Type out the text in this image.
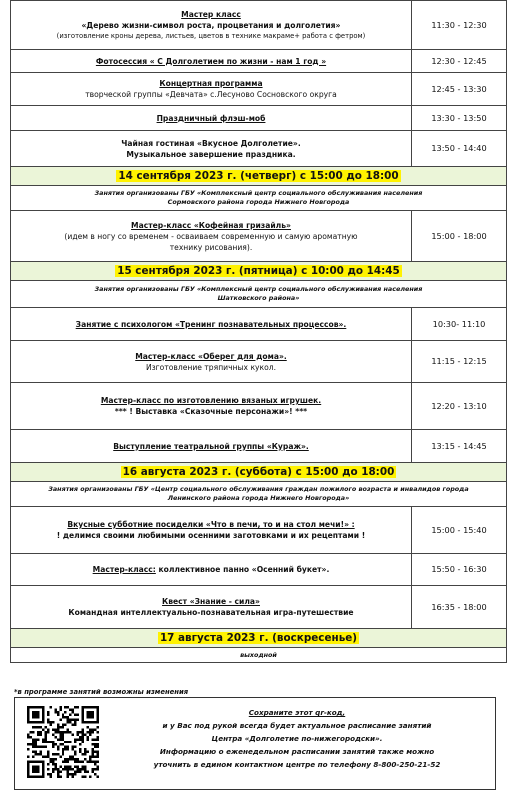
Мастер класс
«Дерево жизни-символ роста, процветания и долголетия»
(изготовление кроны дерева, листьев, цветов в технике макраме+ работа с фетром)	11:30 - 12:30

Фотосессия « С Долголетием по жизни - нам 1 год »	12:30 - 12:45

Концертная программа
творческой группы «Девчата» с.Лесуново Сосновского округа	12:45 - 13:30

Праздничный флэш-моб	13:30 - 13:50

Чайная гостиная «Вкусное Долголетие».
Музыкальное завершение праздника.	13:50 - 14:40
14 сентября 2023 г. (четверг) с 15:00 до 18:00	

Занятия организованы ГБУ «Комплексный центр социального обслуживания населения
Сормовского района города Нижнего Новгорода	

Мастер-класс «Кофейная гризайль»
(идем в ногу со временем - осваиваем современную и самую ароматную
техникy рисования).	15:00 - 18:00
15 сентября 2023 г. (пятница) с 10:00 до 14:45	

Занятия организованы ГБУ «Комплексный центр социального обслуживания населения
Шатковского района»	

Занятие с психологом «Тренинг познавательных процессов».	10:30- 11:10

Мастер-класс «Оберег для дома».
Изготовление тряпичных кукол.	11:15 - 12:15

Мастер-класс по изготовлению вязаных игрушек.
*** ! Выставка «Сказочные персонажи»! ***	12:20 - 13:10

Выступление театральной группы «Кураж».	13:15 - 14:45
16 августа 2023 г. (суббота) с 15:00 до 18:00	

Занятия организованы ГБУ «Центр социального обслуживания граждан пожилого возраста и инвалидов города
Ленинского района города Нижнего Новгорода»	

Вкусные субботние посиделки «Что в печи, то и на стол мечи!» :
! делимся своими любимыми осенними заготовками и их рецептами !	15:00 - 15:40

Мастер-класс: коллективное панно «Осенний букет».	15:50 - 16:30

Квест «Знание - сила»
Командная интеллектуально-познавательная игра-путешествие	16:35 - 18:00
17 августа 2023 г. (воскресенье)	

выходной	
*в программе занятий возможны изменения
Сохраните этот qr-код,
и у Вас под рукой всегда будет актуальное расписание занятий
Центра «Долголетие по-нижегородски».
Информацию о еженедельном расписании занятий также можно
уточнить в едином контактном центре по телефону 8-800-250-21-52
